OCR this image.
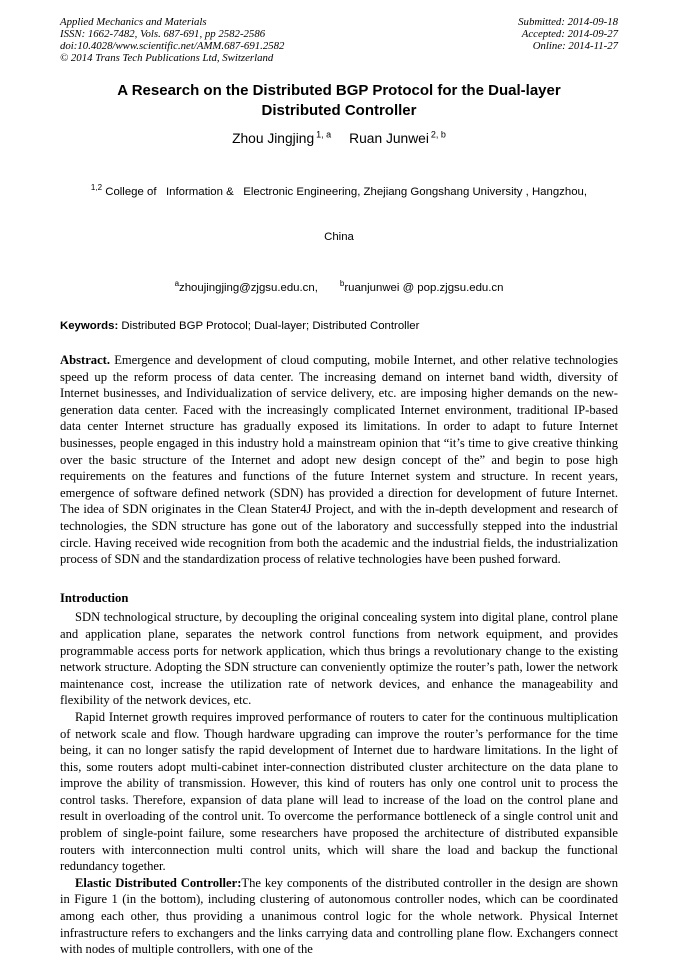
Applied Mechanics and Materials
ISSN: 1662-7482, Vols. 687-691, pp 2582-2586
doi:10.4028/www.scientific.net/AMM.687-691.2582
© 2014 Trans Tech Publications Ltd, Switzerland
Submitted: 2014-09-18
Accepted: 2014-09-27
Online: 2014-11-27
A Research on the Distributed BGP Protocol for the Dual-layer
Distributed Controller
Zhou Jingjing $^{1, a}$ Ruan Junwei $^{2, b}$

$^{1,2}$ College of   Information &   Electronic Engineering, Zhejiang Gongshang University , Hangzhou,

China

$^a$zhoujingjing@zjgsu.edu.cn,	$^b$ruanjunwei @ pop.zjgsu.edu.cn
Keywords: Distributed BGP Protocol; Dual-layer; Distributed Controller
Abstract. Emergence and development of cloud computing, mobile Internet, and other relative technologies speed up the reform process of data center. The increasing demand on internet band width, diversity of Internet businesses, and Individualization of service delivery, etc. are imposing higher demands on the new-generation data center. Faced with the increasingly complicated Internet environment, traditional IP-based data center Internet structure has gradually exposed its limitations. In order to adapt to future Internet businesses, people engaged in this industry hold a mainstream opinion that “it’s time to give creative thinking over the basic structure of the Internet and adopt new design concept of the” and begin to pose high requirements on the features and functions of the future Internet system and structure. In recent years, emergence of software defined network (SDN) has provided a direction for development of future Internet. The idea of SDN originates in the Clean Stater4J Project, and with the in-depth development and research of technologies, the SDN structure has gone out of the laboratory and successfully stepped into the industrial circle. Having received wide recognition from both the academic and the industrial fields, the industrialization process of SDN and the standardization process of relative technologies have been pushed forward.
Introduction

SDN technological structure, by decoupling the original concealing system into digital plane, control plane and application plane, separates the network control functions from network equipment, and provides programmable access ports for network application, which thus brings a revolutionary change to the existing network structure. Adopting the SDN structure can conveniently optimize the router’s path, lower the network maintenance cost, increase the utilization rate of network devices, and enhance the manageability and flexibility of the network devices, etc.

Rapid Internet growth requires improved performance of routers to cater for the continuous multiplication of network scale and flow. Though hardware upgrading can improve the router’s performance for the time being, it can no longer satisfy the rapid development of Internet due to hardware limitations. In the light of this, some routers adopt multi-cabinet inter-connection distributed cluster architecture on the data plane to improve the ability of transmission. However, this kind of routers has only one control unit to process the control tasks. Therefore, expansion of data plane will lead to increase of the load on the control plane and result in overloading of the control unit. To overcome the performance bottleneck of a single control unit and problem of single-point failure, some researchers have proposed the architecture of distributed expansible routers with interconnection multi control units, which will share the load and backup the functional redundancy together.

Elastic Distributed Controller:The key components of the distributed controller in the design are shown in Figure 1 (in the bottom), including clustering of autonomous controller nodes, which can be coordinated among each other, thus providing a unanimous control logic for the whole network. Physical Internet infrastructure refers to exchangers and the links carrying data and controlling plane flow. Exchangers connect with nodes of multiple controllers, with one of the
